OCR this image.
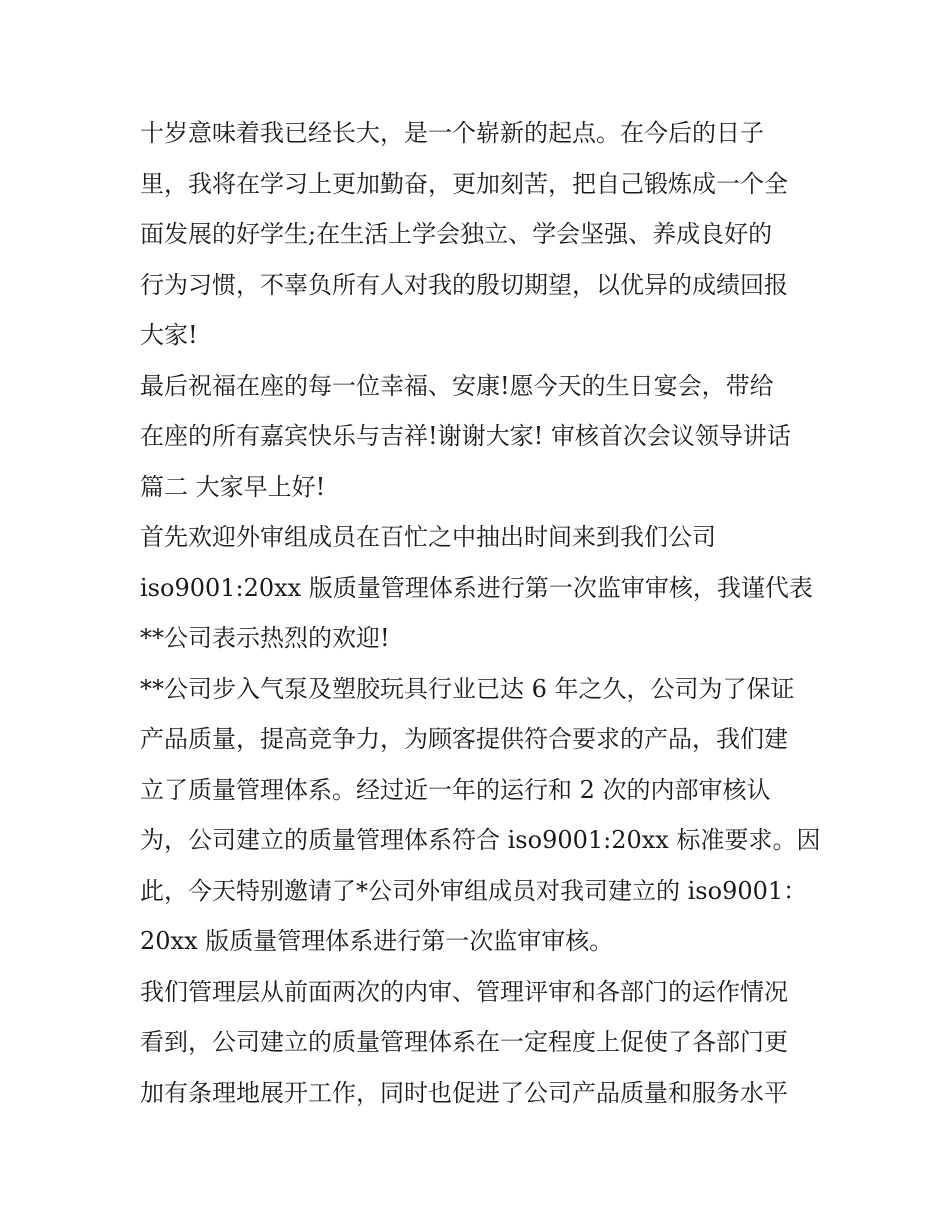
十岁意味着我已经长大，是一个崭新的起点。在今后的日子
里，我将在学习上更加勤奋，更加刻苦，把自己锻炼成一个全
面发展的好学生;在生活上学会独立、学会坚强、养成良好的
行为习惯，不辜负所有人对我的殷切期望，以优异的成绩回报
大家!
最后祝福在座的每一位幸福、安康!愿今天的生日宴会，带给
在座的所有嘉宾快乐与吉祥!谢谢大家! 审核首次会议领导讲话
篇二 大家早上好!
首先欢迎外审组成员在百忙之中抽出时间来到我们公司
iso9001:20xx 版质量管理体系进行第一次监审审核，我谨代表
**公司表示热烈的欢迎!
**公司步入气泵及塑胶玩具行业已达 6 年之久，公司为了保证
产品质量，提高竞争力，为顾客提供符合要求的产品，我们建
立了质量管理体系。经过近一年的运行和 2 次的内部审核认
为，公司建立的质量管理体系符合 iso9001:20xx 标准要求。因
此，今天特别邀请了*公司外审组成员对我司建立的 iso9001：
20xx 版质量管理体系进行第一次监审审核。
我们管理层从前面两次的内审、管理评审和各部门的运作情况
看到，公司建立的质量管理体系在一定程度上促使了各部门更
加有条理地展开工作，同时也促进了公司产品质量和服务水平
